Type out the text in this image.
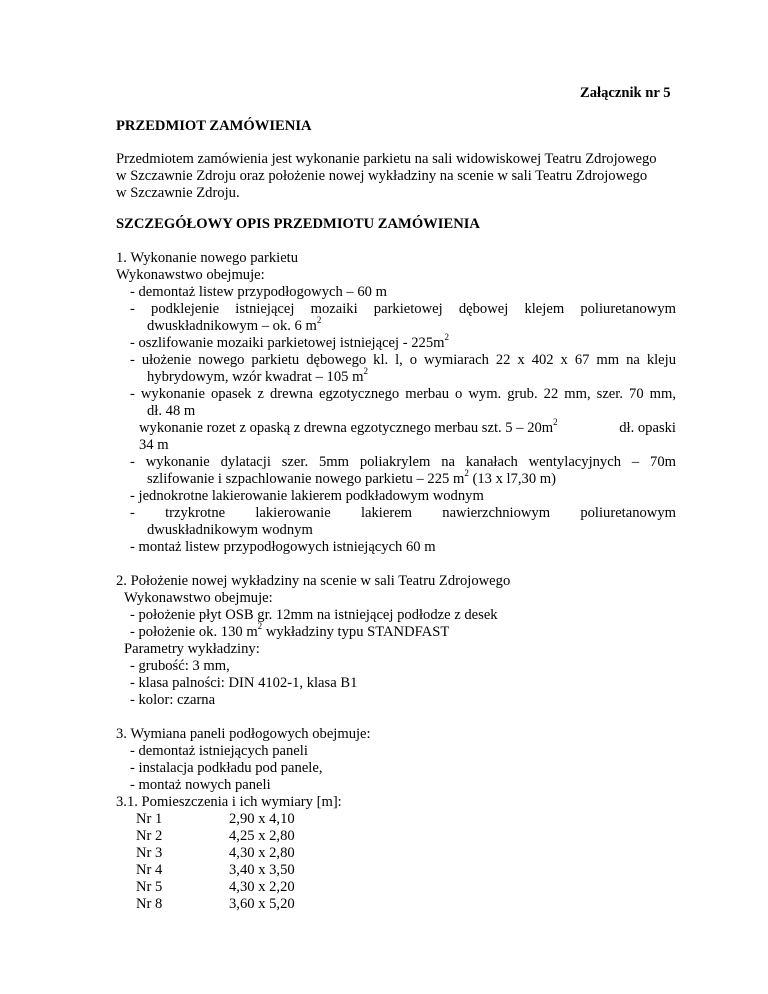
Załącznik nr 5
PRZEDMIOT ZAMÓWIENIA
Przedmiotem zamówienia jest wykonanie parkietu na sali widowiskowej Teatru Zdrojowego
w Szczawnie Zdroju oraz położenie nowej wykładziny na scenie w sali Teatru Zdrojowego
w Szczawnie Zdroju.
SZCZEGÓŁOWY OPIS PRZEDMIOTU ZAMÓWIENIA
1. Wykonanie nowego parkietu
Wykonawstwo obejmuje:
- demontaż listew przypodłogowych – 60 m
- podklejenie istniejącej mozaiki parkietowej dębowej klejem poliuretanowym
dwuskładnikowym – ok. 6 $m^2$
- oszlifowanie mozaiki parkietowej istniejącej - $225m^2$
- ułożenie nowego parkietu dębowego kl. l, o wymiarach 22 x 402 x 67 mm na kleju
hybrydowym, wzór kwadrat – 105 $m^2$
- wykonanie opasek z drewna egzotycznego merbau o wym. grub. 22 mm, szer. 70 mm,
dł. 48 m
wykonanie rozet z opaską z drewna egzotycznego merbau szt. $5 - 20m^2$	dł. opaski
34 m
- wykonanie dylatacji szer. 5mm poliakrylem na kanałach wentylacyjnych – 70m
szlifowanie i szpachlowanie nowego parkietu – 225 $m^2$ (13 x l7,30 m)
- jednokrotne lakierowanie lakierem podkładowym wodnym
- trzykrotne lakierowanie lakierem nawierzchniowym poliuretanowym
dwuskładnikowym wodnym
- montaż listew przypodłogowych istniejących 60 m
2. Położenie nowej wykładziny na scenie w sali Teatru Zdrojowego
Wykonawstwo obejmuje:
- położenie płyt OSB gr. 12mm na istniejącej podłodze z desek
- położenie ok. 130 $m^2$ wykładziny typu STANDFAST
Parametry wykładziny:
- grubość: 3 mm,
- klasa palności: DIN 4102-1, klasa B1
- kolor: czarna
3. Wymiana paneli podłogowych obejmuje:
- demontaż istniejących paneli
- instalacja podkładu pod panele,
- montaż nowych paneli
3.1. Pomieszczenia i ich wymiary [m]:
Nr 1	2,90 x 4,10
Nr 2	4,25 x 2,80
Nr 3	4,30 x 2,80
Nr 4	3,40 x 3,50
Nr 5	4,30 x 2,20
Nr 8	3,60 x 5,20
